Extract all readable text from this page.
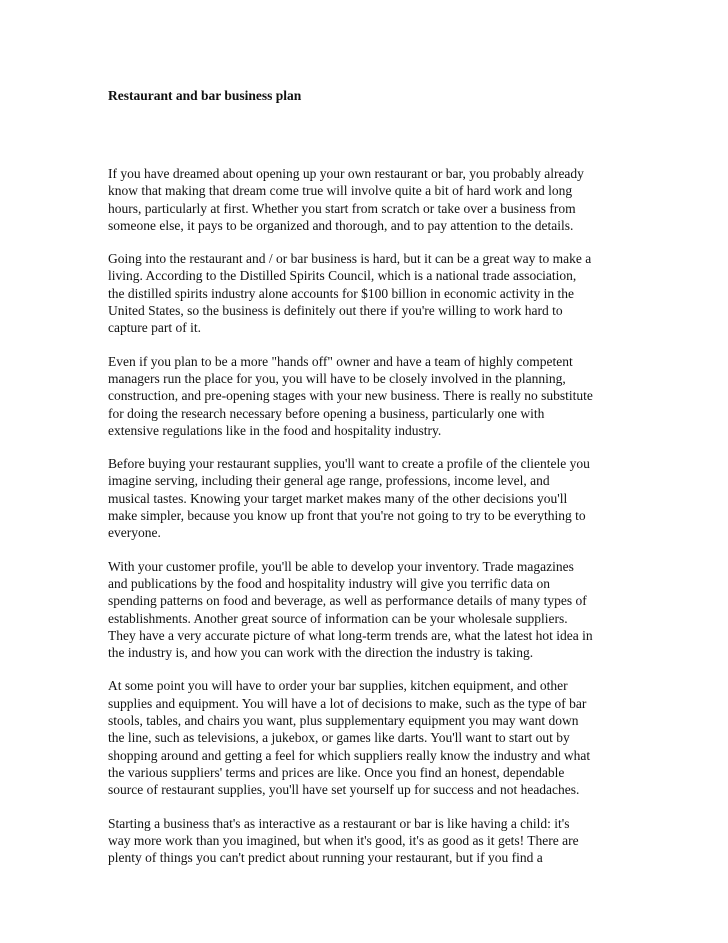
Restaurant and bar business plan

If you have dreamed about opening up your own restaurant or bar, you probably already
know that making that dream come true will involve quite a bit of hard work and long
hours, particularly at first. Whether you start from scratch or take over a business from
someone else, it pays to be organized and thorough, and to pay attention to the details.

Going into the restaurant and / or bar business is hard, but it can be a great way to make a
living. According to the Distilled Spirits Council, which is a national trade association,
the distilled spirits industry alone accounts for $100 billion in economic activity in the
United States, so the business is definitely out there if you're willing to work hard to
capture part of it.

Even if you plan to be a more "hands off" owner and have a team of highly competent
managers run the place for you, you will have to be closely involved in the planning,
construction, and pre-opening stages with your new business. There is really no substitute
for doing the research necessary before opening a business, particularly one with
extensive regulations like in the food and hospitality industry.

Before buying your restaurant supplies, you'll want to create a profile of the clientele you
imagine serving, including their general age range, professions, income level, and
musical tastes. Knowing your target market makes many of the other decisions you'll
make simpler, because you know up front that you're not going to try to be everything to
everyone.

With your customer profile, you'll be able to develop your inventory. Trade magazines
and publications by the food and hospitality industry will give you terrific data on
spending patterns on food and beverage, as well as performance details of many types of
establishments. Another great source of information can be your wholesale suppliers.
They have a very accurate picture of what long-term trends are, what the latest hot idea in
the industry is, and how you can work with the direction the industry is taking.

At some point you will have to order your bar supplies, kitchen equipment, and other
supplies and equipment. You will have a lot of decisions to make, such as the type of bar
stools, tables, and chairs you want, plus supplementary equipment you may want down
the line, such as televisions, a jukebox, or games like darts. You'll want to start out by
shopping around and getting a feel for which suppliers really know the industry and what
the various suppliers' terms and prices are like. Once you find an honest, dependable
source of restaurant supplies, you'll have set yourself up for success and not headaches.

Starting a business that's as interactive as a restaurant or bar is like having a child: it's
way more work than you imagined, but when it's good, it's as good as it gets! There are
plenty of things you can't predict about running your restaurant, but if you find a
